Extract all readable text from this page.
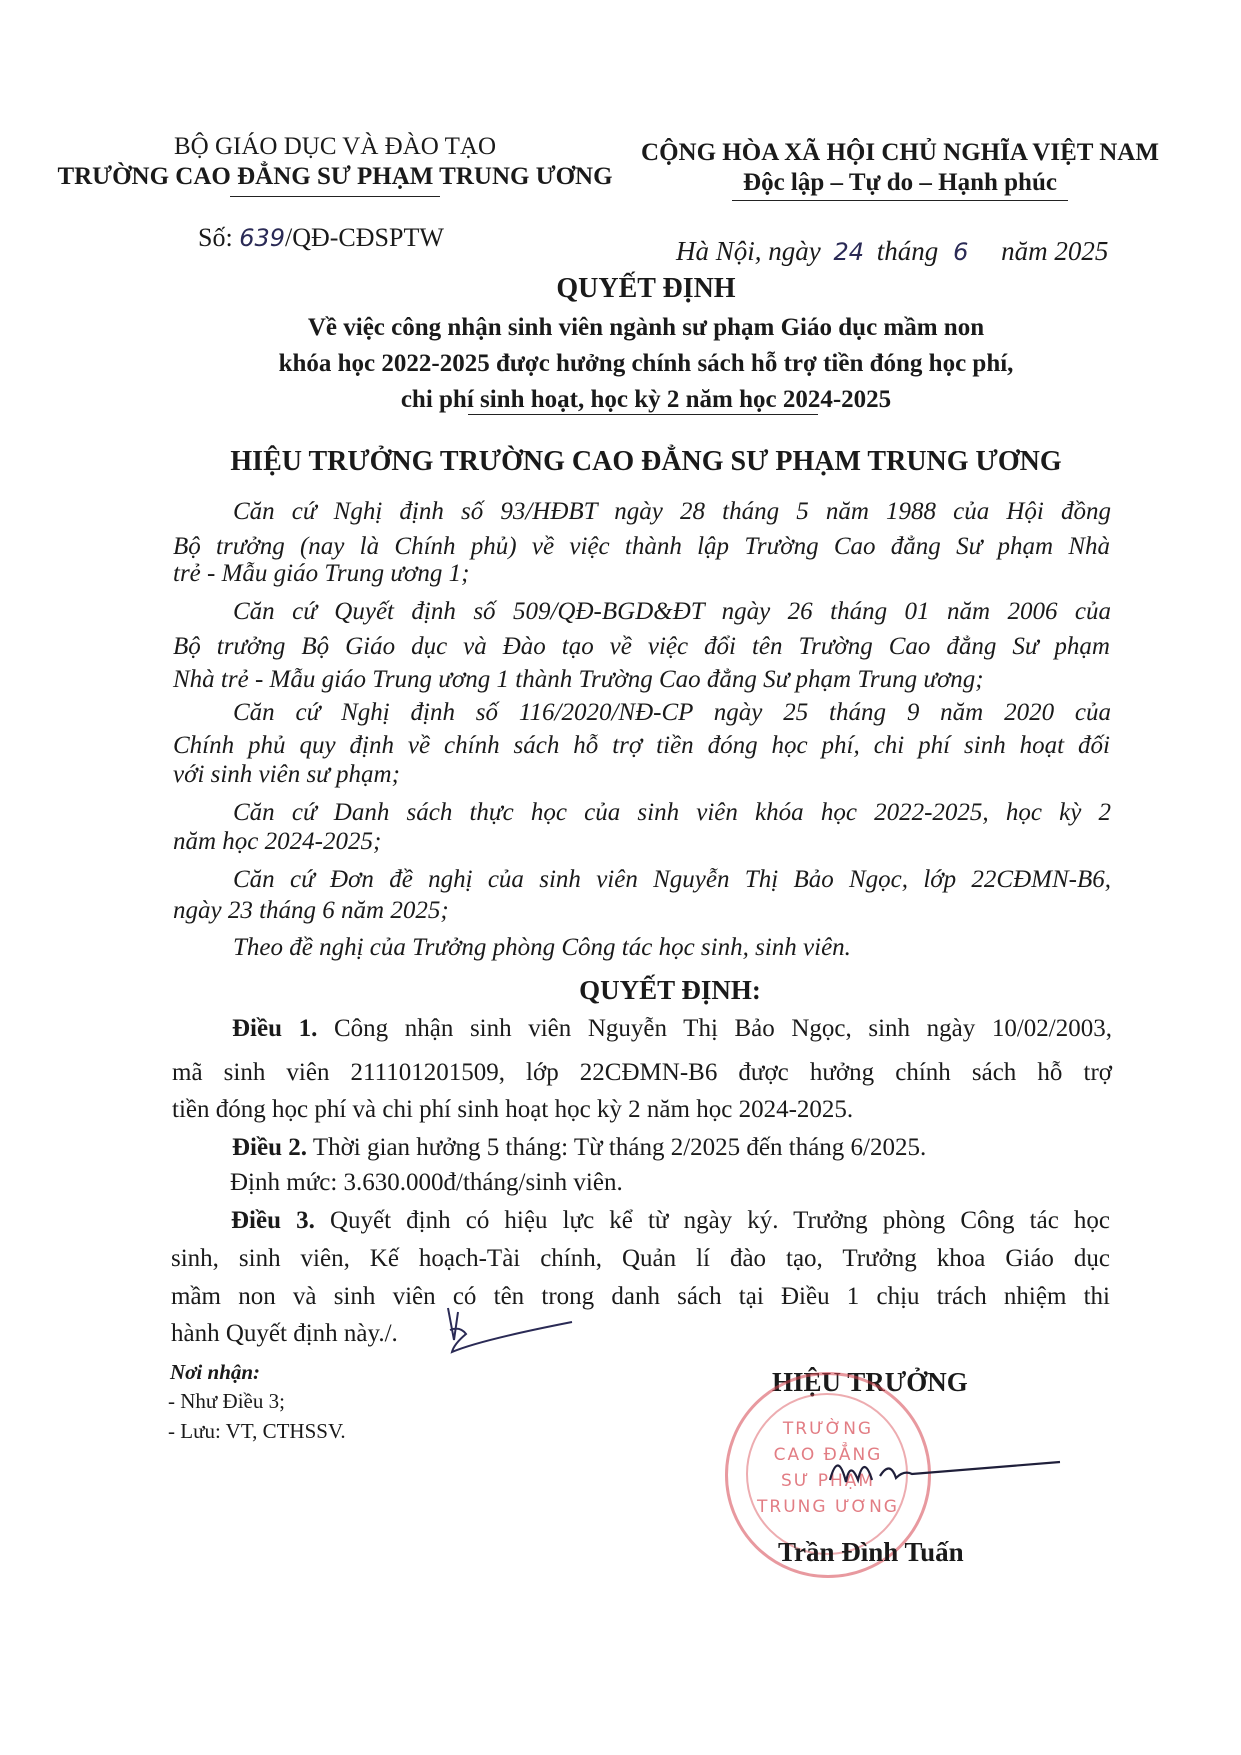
BỘ GIÁO DỤC VÀ ĐÀO TẠO
TRƯỜNG CAO ĐẲNG SƯ PHẠM TRUNG ƯƠNG
CỘNG HÒA XÃ HỘI CHỦ NGHĨA VIỆT NAM
Độc lập – Tự do – Hạnh phúc
Số: 639/QĐ-CĐSPTW	Hà Nội, ngày 24 tháng 6 năm 2025
QUYẾT ĐỊNH
Về việc công nhận sinh viên ngành sư phạm Giáo dục mầm non
khóa học 2022-2025 được hưởng chính sách hỗ trợ tiền đóng học phí,
chi phí sinh hoạt, học kỳ 2 năm học 2024-2025
HIỆU TRƯỞNG TRƯỜNG CAO ĐẲNG SƯ PHẠM TRUNG ƯƠNG
Căn cứ Nghị định số 93/HĐBT ngày 28 tháng 5 năm 1988 của Hội đồng
Bộ trưởng (nay là Chính phủ) về việc thành lập Trường Cao đẳng Sư phạm Nhà
trẻ - Mẫu giáo Trung ương 1;
Căn cứ Quyết định số 509/QĐ-BGD&ĐT ngày 26 tháng 01 năm 2006 của
Bộ trưởng Bộ Giáo dục và Đào tạo về việc đổi tên Trường Cao đẳng Sư phạm
Nhà trẻ - Mẫu giáo Trung ương 1 thành Trường Cao đẳng Sư phạm Trung ương;
Căn cứ Nghị định số 116/2020/NĐ-CP ngày 25 tháng 9 năm 2020 của
Chính phủ quy định về chính sách hỗ trợ tiền đóng học phí, chi phí sinh hoạt đối
với sinh viên sư phạm;
Căn cứ Danh sách thực học của sinh viên khóa học 2022-2025, học kỳ 2
năm học 2024-2025;
Căn cứ Đơn đề nghị của sinh viên Nguyễn Thị Bảo Ngọc, lớp 22CĐMN-B6,
ngày 23 tháng 6 năm 2025;
Theo đề nghị của Trưởng phòng Công tác học sinh, sinh viên.
QUYẾT ĐỊNH:
Điều 1. Công nhận sinh viên Nguyễn Thị Bảo Ngọc, sinh ngày 10/02/2003,
mã sinh viên 211101201509, lớp 22CĐMN-B6 được hưởng chính sách hỗ trợ
tiền đóng học phí và chi phí sinh hoạt học kỳ 2 năm học 2024-2025.
Điều 2. Thời gian hưởng 5 tháng: Từ tháng 2/2025 đến tháng 6/2025.
Định mức: 3.630.000đ/tháng/sinh viên.
Điều 3. Quyết định có hiệu lực kể từ ngày ký. Trưởng phòng Công tác học
sinh, sinh viên, Kế hoạch-Tài chính, Quản lí đào tạo, Trưởng khoa Giáo dục
mầm non và sinh viên có tên trong danh sách tại Điều 1 chịu trách nhiệm thi
hành Quyết định này./.
Nơi nhận:
- Như Điều 3;
- Lưu: VT, CTHSSV.
HIỆU TRƯỞNG
TRƯỜNG
CAO ĐẲNG
SƯ PHẠM
TRUNG ƯƠNG
Trần Đình Tuấn
